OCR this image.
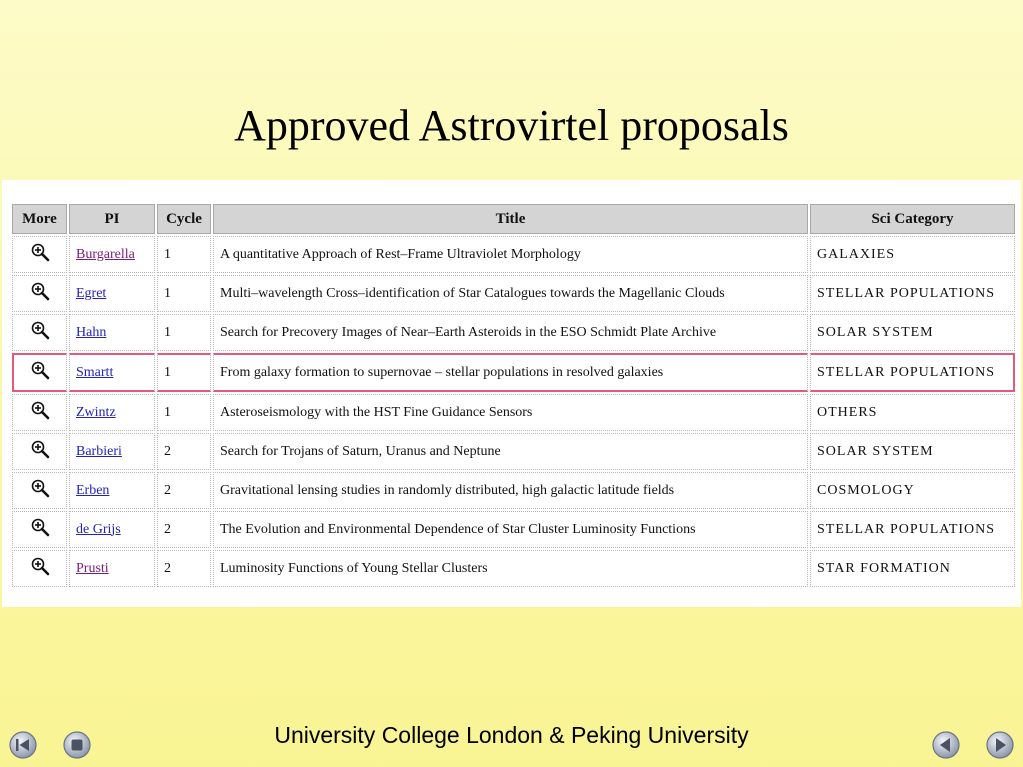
Approved Astrovirtel proposals
More	PI	Cycle	Title	Sci Category
	Burgarella	1	A quantitative Approach of Rest–Frame Ultraviolet Morphology	GALAXIES
	Egret	1	Multi–wavelength Cross–identification of Star Catalogues towards the Magellanic Clouds	STELLAR POPULATIONS
	Hahn	1	Search for Precovery Images of Near–Earth Asteroids in the ESO Schmidt Plate Archive	SOLAR SYSTEM
	Smartt	1	From galaxy formation to supernovae – stellar populations in resolved galaxies	STELLAR POPULATIONS
	Zwintz	1	Asteroseismology with the HST Fine Guidance Sensors	OTHERS
	Barbieri	2	Search for Trojans of Saturn, Uranus and Neptune	SOLAR SYSTEM
	Erben	2	Gravitational lensing studies in randomly distributed, high galactic latitude fields	COSMOLOGY
	de Grijs	2	The Evolution and Environmental Dependence of Star Cluster Luminosity Functions	STELLAR POPULATIONS
	Prusti	2	Luminosity Functions of Young Stellar Clusters	STAR FORMATION
University College London & Peking University
